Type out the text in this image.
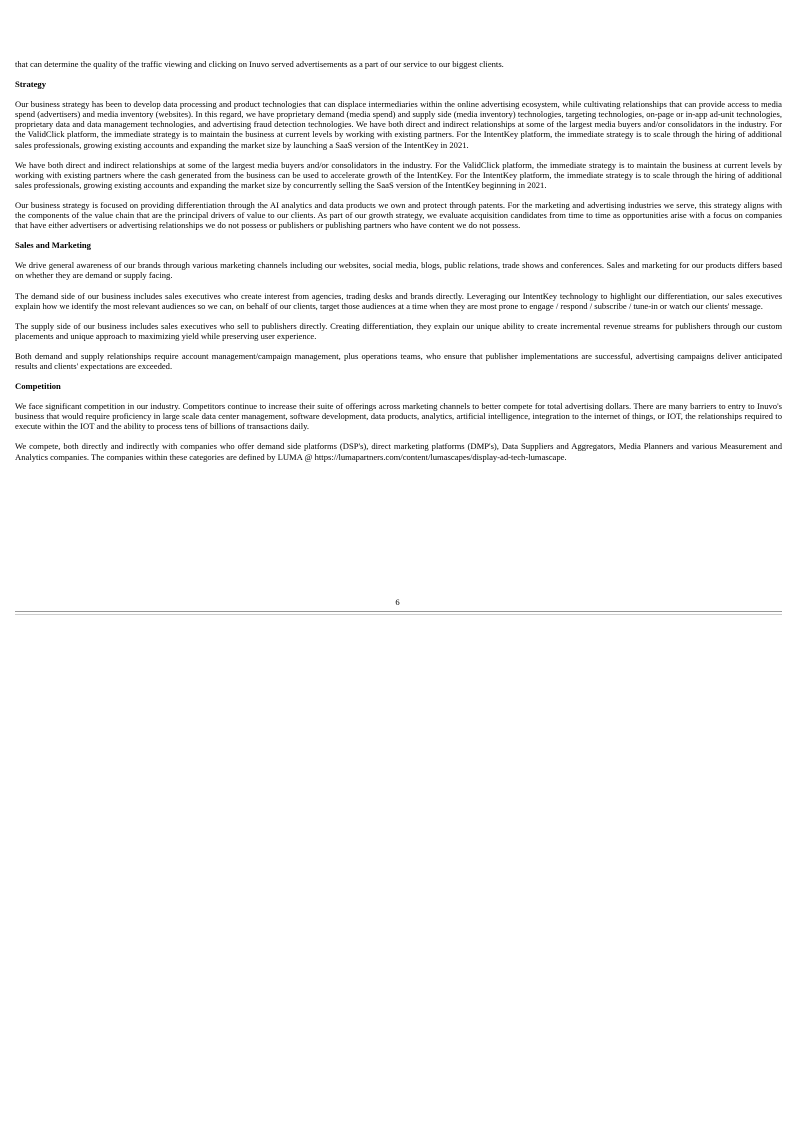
that can determine the quality of the traffic viewing and clicking on Inuvo served advertisements as a part of our service to our biggest clients.

Strategy

Our business strategy has been to develop data processing and product technologies that can displace intermediaries within the online advertising ecosystem, while cultivating relationships that can provide access to media spend (advertisers) and media inventory (websites). In this regard, we have proprietary demand (media spend) and supply side (media inventory) technologies, targeting technologies, on-page or in-app ad-unit technologies, proprietary data and data management technologies, and advertising fraud detection technologies. We have both direct and indirect relationships at some of the largest media buyers and/or consolidators in the industry. For the ValidClick platform, the immediate strategy is to maintain the business at current levels by working with existing partners. For the IntentKey platform, the immediate strategy is to scale through the hiring of additional sales professionals, growing existing accounts and expanding the market size by launching a SaaS version of the IntentKey in 2021.

We have both direct and indirect relationships at some of the largest media buyers and/or consolidators in the industry. For the ValidClick platform, the immediate strategy is to maintain the business at current levels by working with existing partners where the cash generated from the business can be used to accelerate growth of the IntentKey. For the IntentKey platform, the immediate strategy is to scale through the hiring of additional sales professionals, growing existing accounts and expanding the market size by concurrently selling the SaaS version of the IntentKey beginning in 2021.

Our business strategy is focused on providing differentiation through the AI analytics and data products we own and protect through patents. For the marketing and advertising industries we serve, this strategy aligns with the components of the value chain that are the principal drivers of value to our clients. As part of our growth strategy, we evaluate acquisition candidates from time to time as opportunities arise with a focus on companies that have either advertisers or advertising relationships we do not possess or publishers or publishing partners who have content we do not possess.

Sales and Marketing

We drive general awareness of our brands through various marketing channels including our websites, social media, blogs, public relations, trade shows and conferences. Sales and marketing for our products differs based on whether they are demand or supply facing.

The demand side of our business includes sales executives who create interest from agencies, trading desks and brands directly. Leveraging our IntentKey technology to highlight our differentiation, our sales executives explain how we identify the most relevant audiences so we can, on behalf of our clients, target those audiences at a time when they are most prone to engage / respond / subscribe / tune-in or watch our clients' message.

The supply side of our business includes sales executives who sell to publishers directly. Creating differentiation, they explain our unique ability to create incremental revenue streams for publishers through our custom placements and unique approach to maximizing yield while preserving user experience.

Both demand and supply relationships require account management/campaign management, plus operations teams, who ensure that publisher implementations are successful, advertising campaigns deliver anticipated results and clients' expectations are exceeded.

Competition

We face significant competition in our industry. Competitors continue to increase their suite of offerings across marketing channels to better compete for total advertising dollars. There are many barriers to entry to Inuvo's business that would require proficiency in large scale data center management, software development, data products, analytics, artificial intelligence, integration to the internet of things, or IOT, the relationships required to execute within the IOT and the ability to process tens of billions of transactions daily.

We compete, both directly and indirectly with companies who offer demand side platforms (DSP's), direct marketing platforms (DMP's), Data Suppliers and Aggregators, Media Planners and various Measurement and Analytics companies. The companies within these categories are defined by LUMA @ https://lumapartners.com/content/lumascapes/display-ad-tech-lumascape.

6
